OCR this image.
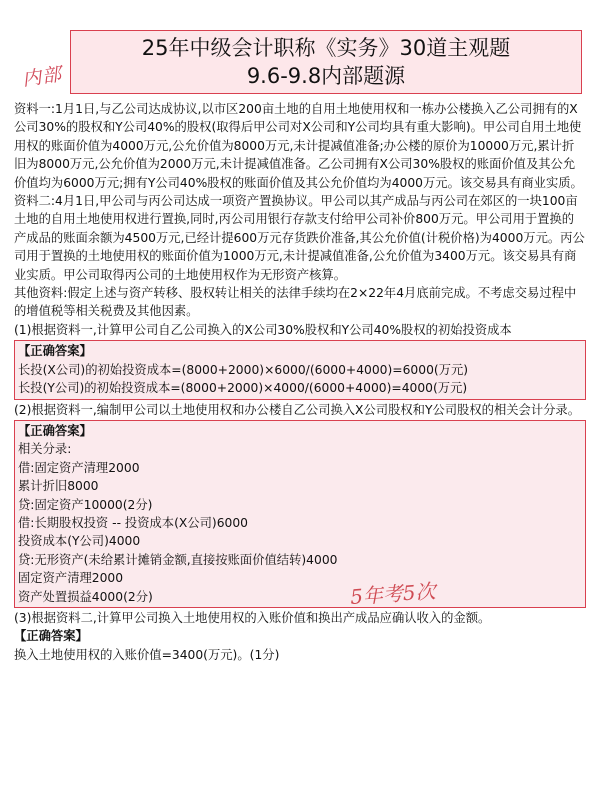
25年中级会计职称《实务》30道主观题
9.6-9.8内部题源
内部

资料一:1月1日,与乙公司达成协议,以市区200亩土地的自用土地使用权和一栋办公楼换入乙公司拥有的X公司30%的股权和Y公司40%的股权(取得后甲公司对X公司和Y公司均具有重大影响)。甲公司自用土地使用权的账面价值为4000万元,公允价值为8000万元,未计提减值准备;办公楼的原价为10000万元,累计折旧为8000万元,公允价值为2000万元,未计提减值准备。乙公司拥有X公司30%股权的账面价值及其公允价值均为6000万元;拥有Y公司40%股权的账面价值及其公允价值均为4000万元。该交易具有商业实质。

资料二:4月1日,甲公司与丙公司达成一项资产置换协议。甲公司以其产成品与丙公司在郊区的一块100亩土地的自用土地使用权进行置换,同时,丙公司用银行存款支付给甲公司补价800万元。甲公司用于置换的产成品的账面余额为4500万元,已经计提600万元存货跌价准备,其公允价值(计税价格)为4000万元。丙公司用于置换的土地使用权的账面价值为1000万元,未计提减值准备,公允价值为3400万元。该交易具有商业实质。甲公司取得丙公司的土地使用权作为无形资产核算。

其他资料:假定上述与资产转移、股权转让相关的法律手续均在2×22年4月底前完成。不考虑交易过程中的增值税等相关税费及其他因素。

(1)根据资料一,计算甲公司自乙公司换入的X公司30%股权和Y公司40%股权的初始投资成本

【正确答案】
长投(X公司)的初始投资成本=(8000+2000)×6000/(6000+4000)=6000(万元)
长投(Y公司)的初始投资成本=(8000+2000)×4000/(6000+4000)=4000(万元)

(2)根据资料一,编制甲公司以土地使用权和办公楼自乙公司换入X公司股权和Y公司股权的相关会计分录。

【正确答案】
相关分录:
借:固定资产清理2000
累计折旧8000
贷:固定资产10000(2分)
借:长期股权投资 -- 投资成本(X公司)6000
投资成本(Y公司)4000
贷:无形资产(未给累计摊销金额,直接按账面价值结转)4000
固定资产清理2000
资产处置损益4000(2分)

(3)根据资料二,计算甲公司换入土地使用权的入账价值和换出产成品应确认收入的金额。

【正确答案】
换入土地使用权的入账价值=3400(万元)。(1分)
5年考5次
